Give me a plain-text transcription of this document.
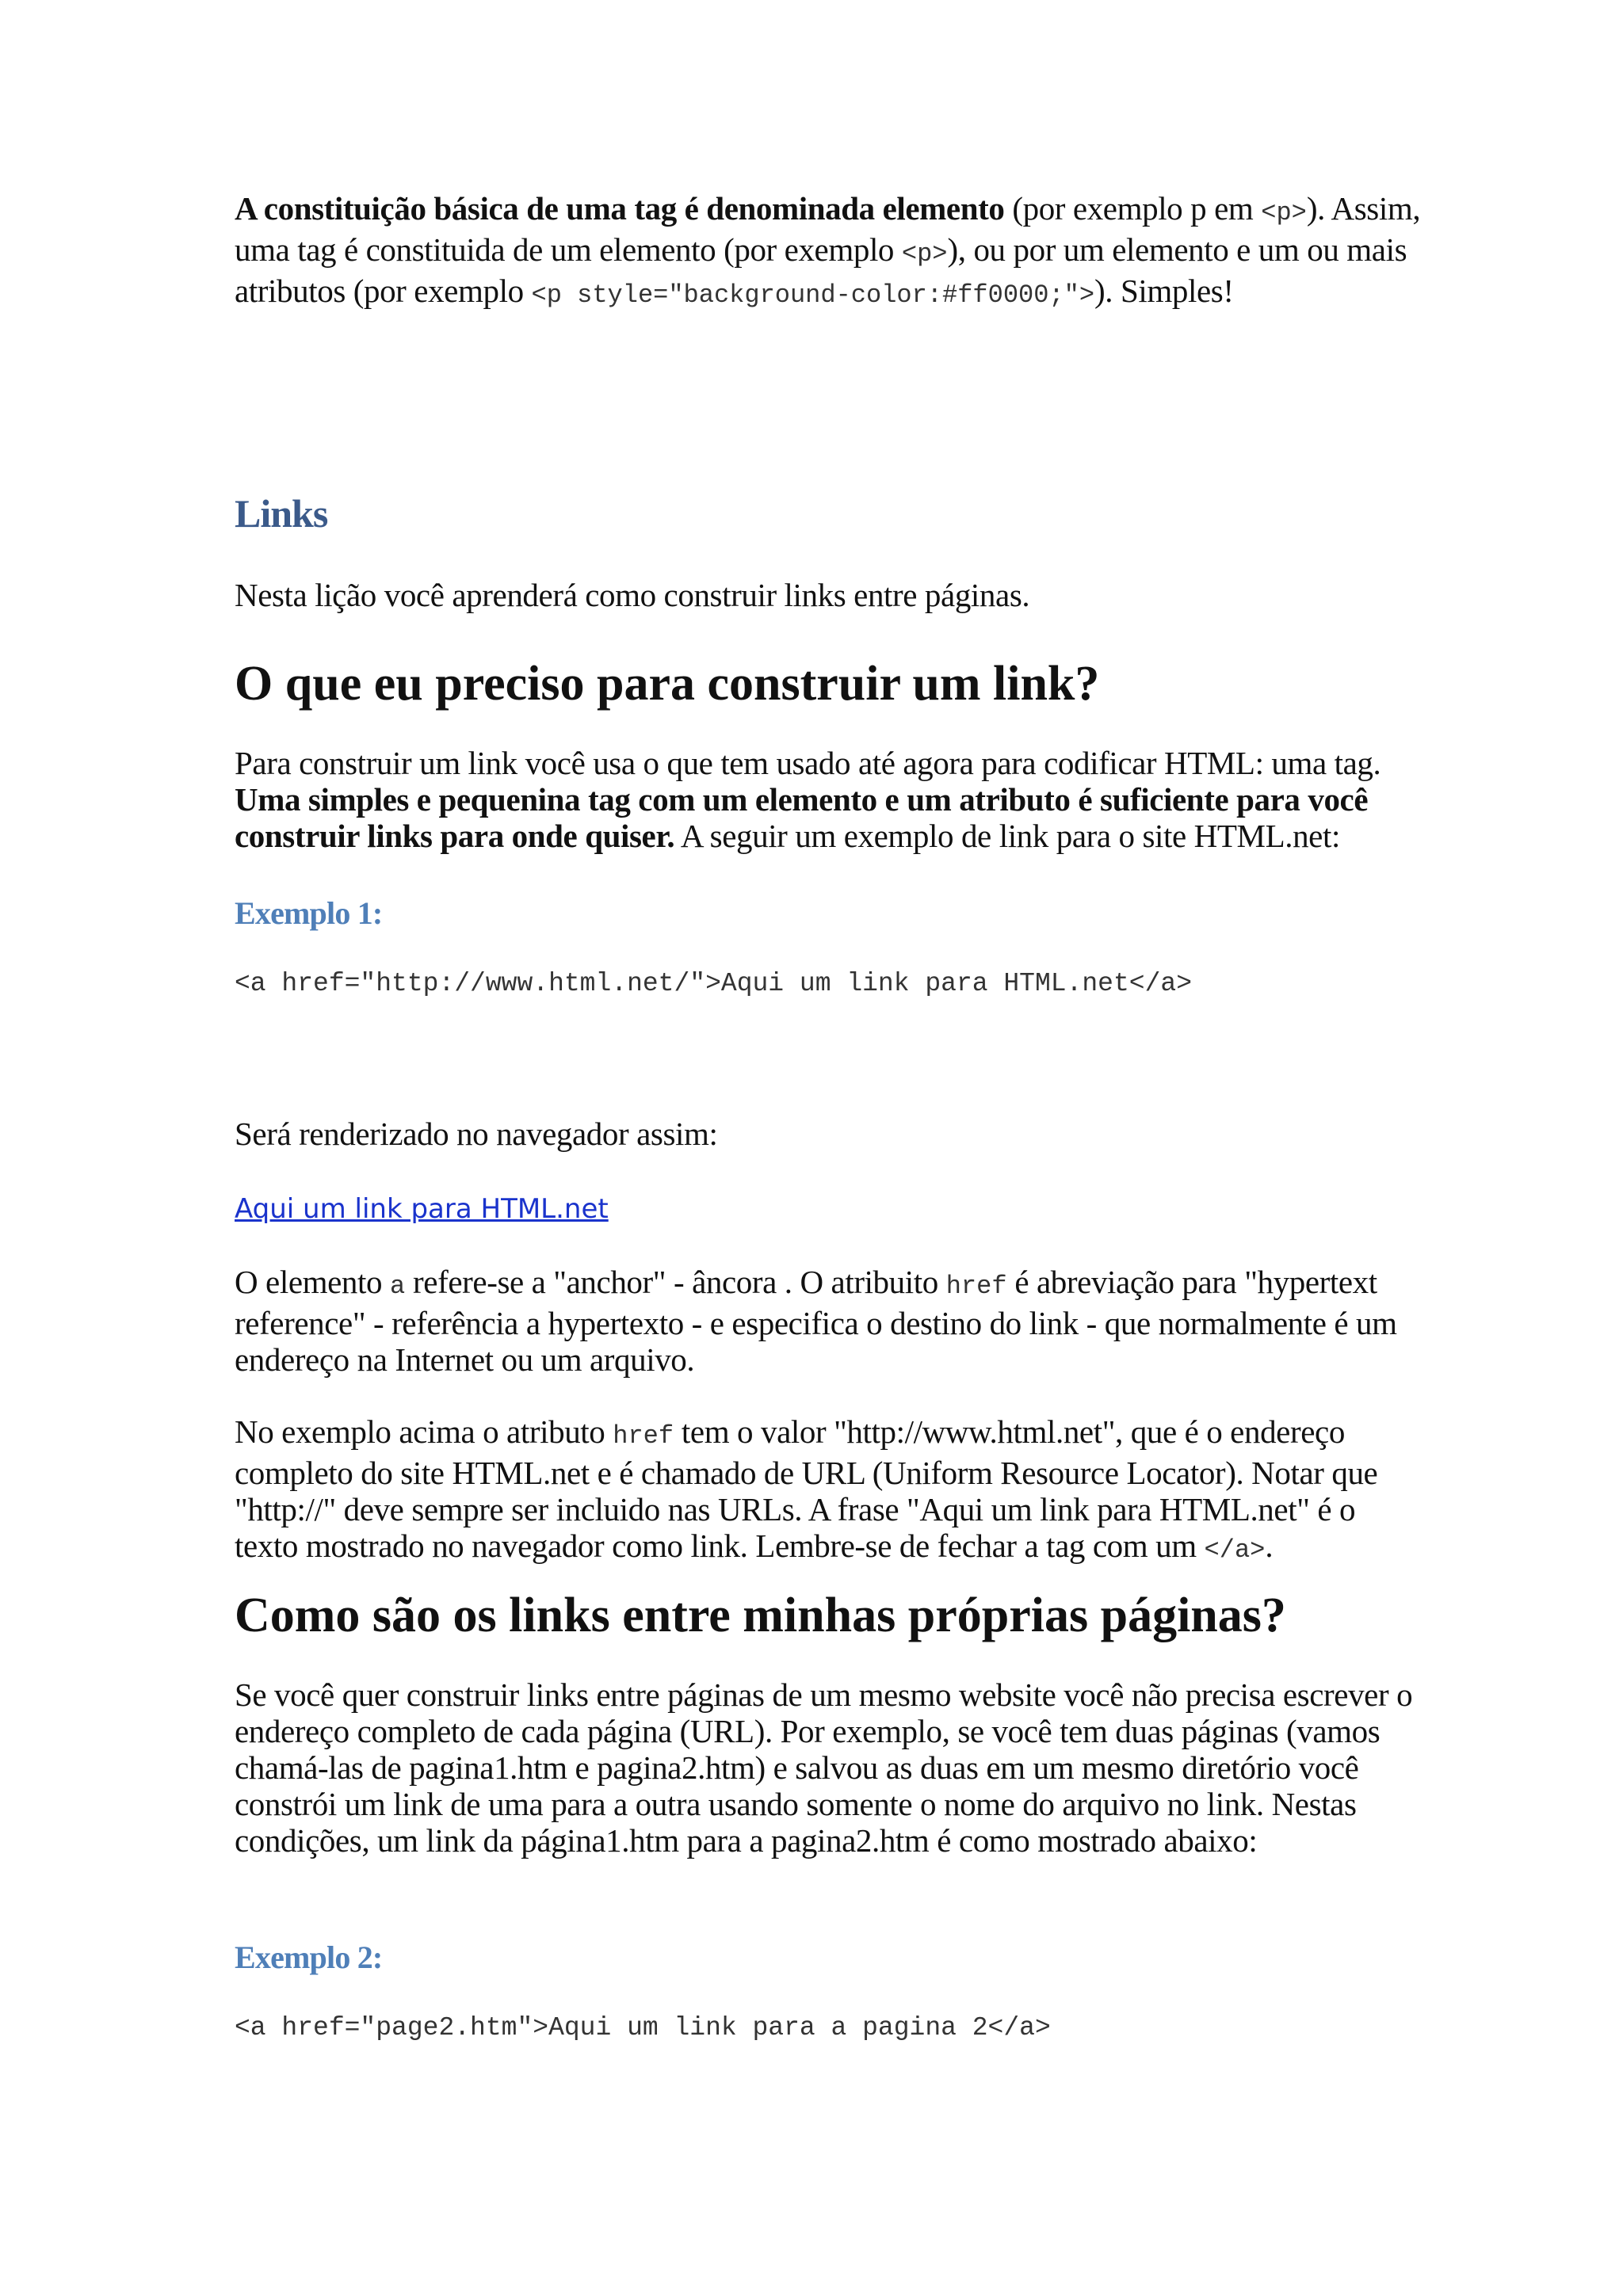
A constituição básica de uma tag é denominada elemento (por exemplo p em <p>). Assim, uma tag é constituida de um elemento (por exemplo <p>), ou por um elemento e um ou mais atributos (por exemplo <p style="background-color:#ff0000;">). Simples!

Links

Nesta lição você aprenderá como construir links entre páginas.

O que eu preciso para construir um link?

Para construir um link você usa o que tem usado até agora para codificar HTML: uma tag. Uma simples e pequenina tag com um elemento e um atributo é suficiente para você construir links para onde quiser. A seguir um exemplo de link para o site HTML.net:

Exemplo 1:

<a href="http://www.html.net/">Aqui um link para HTML.net</a>

Será renderizado no navegador assim:

Aqui um link para HTML.net

O elemento a refere-se a "anchor" - âncora . O atribuito href é abreviação para "hypertext reference" - referência a hypertexto - e especifica o destino do link - que normalmente é um endereço na Internet ou um arquivo.

No exemplo acima o atributo href tem o valor "http://www.html.net", que é o endereço completo do site HTML.net e é chamado de URL (Uniform Resource Locator). Notar que "http://" deve sempre ser incluido nas URLs. A frase "Aqui um link para HTML.net" é o texto mostrado no navegador como link. Lembre-se de fechar a tag com um </a>.

Como são os links entre minhas próprias páginas?

Se você quer construir links entre páginas de um mesmo website você não precisa escrever o endereço completo de cada página (URL). Por exemplo, se você tem duas páginas (vamos chamá-las de pagina1.htm e pagina2.htm) e salvou as duas em um mesmo diretório você constrói um link de uma para a outra usando somente o nome do arquivo no link. Nestas condições, um link da página1.htm para a pagina2.htm é como mostrado abaixo:

Exemplo 2:

<a href="page2.htm">Aqui um link para a pagina 2</a>
